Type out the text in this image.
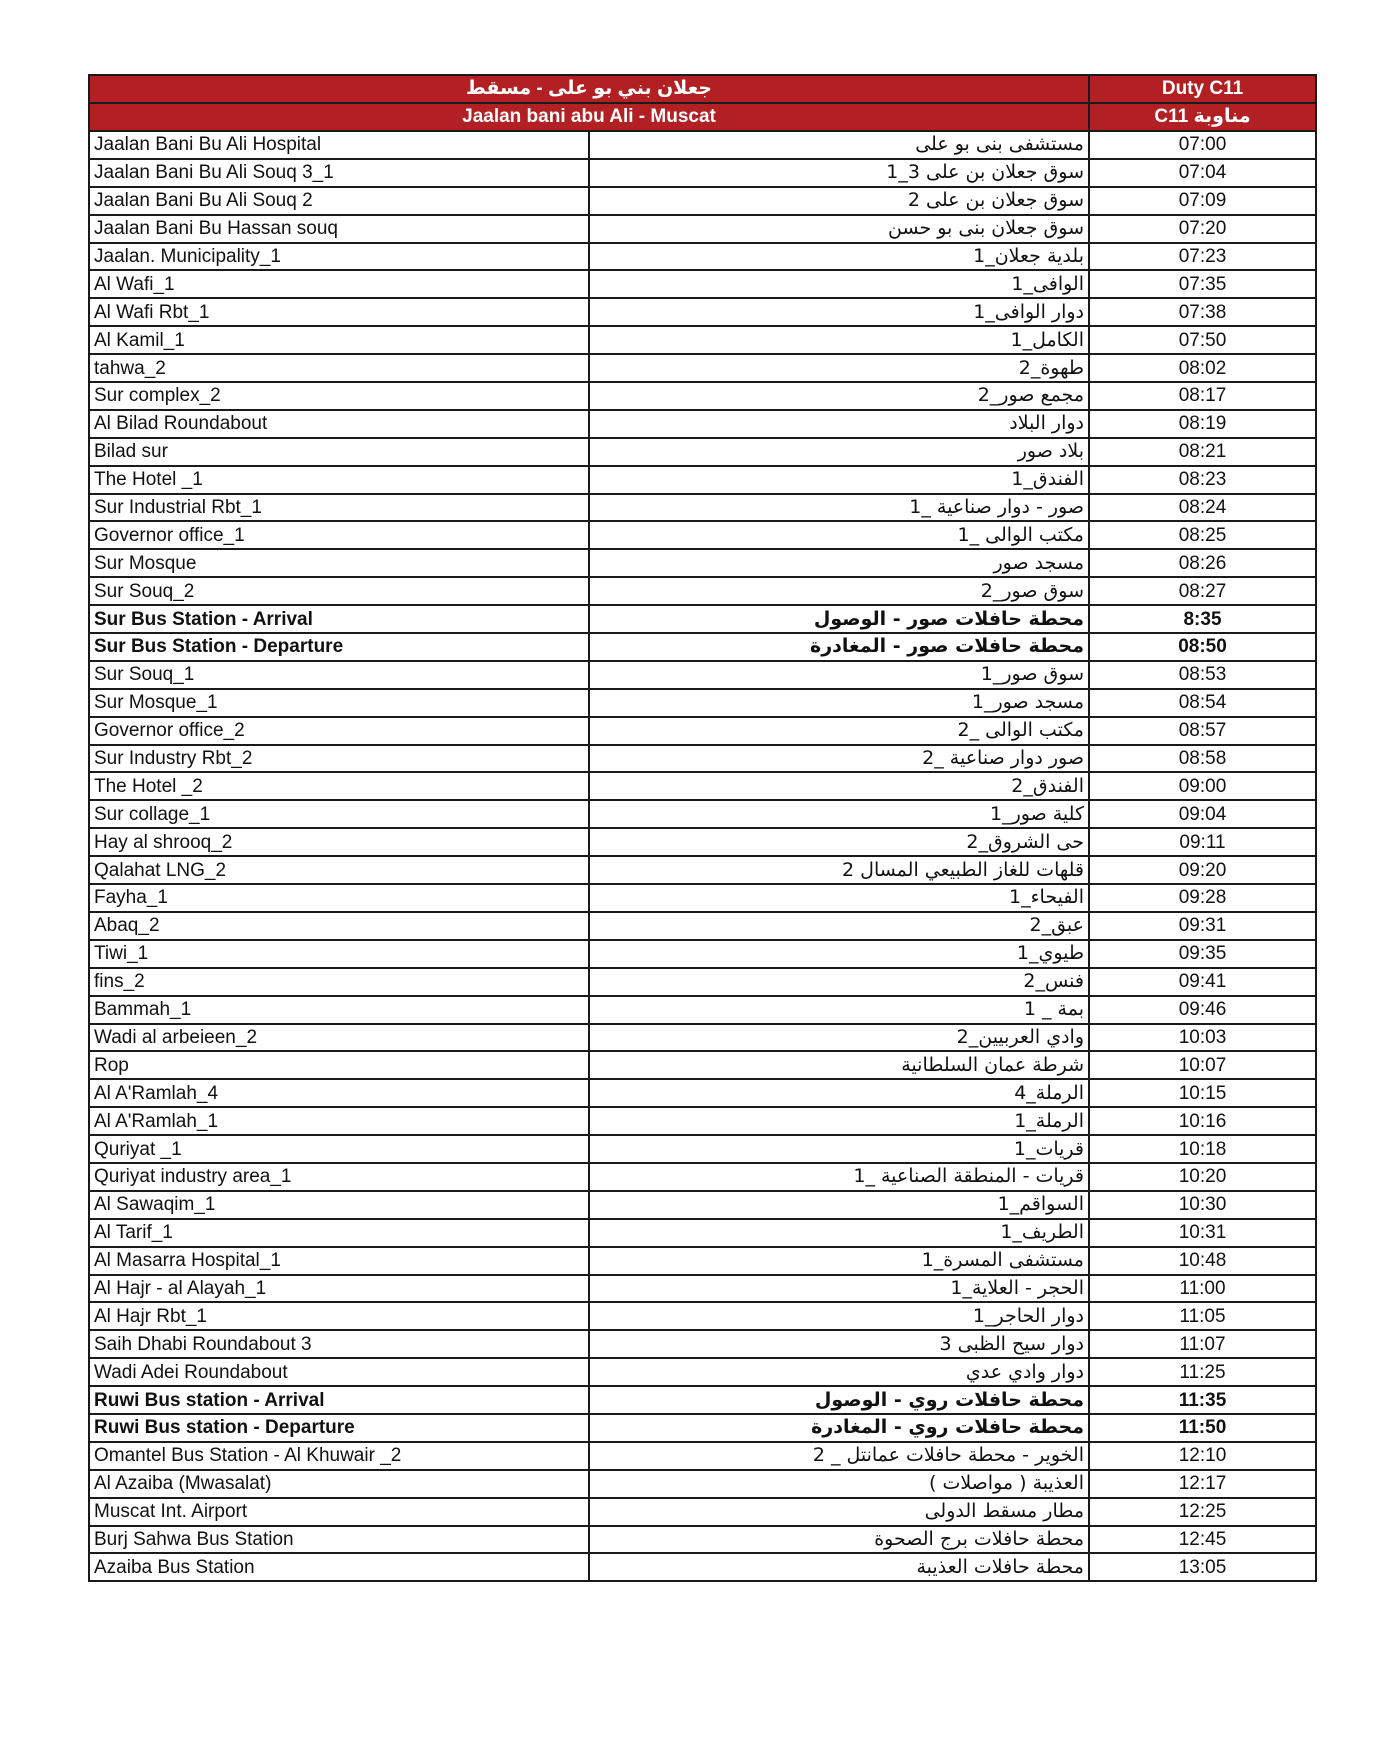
جعلان بني بو على - مسقط		Duty C11
Jaalan bani abu Ali - Muscat		مناوبة C11
Jaalan Bani Bu Ali Hospital	مستشفى بنى بو على	07:00
Jaalan Bani Bu Ali Souq 3_1	سوق جعلان بن على 3_1	07:04
Jaalan Bani Bu Ali Souq 2	سوق جعلان بن على 2	07:09
Jaalan Bani Bu Hassan souq	سوق جعلان بنى بو حسن	07:20
Jaalan. Municipality_1	بلدية جعلان_1	07:23
Al Wafi_1	الوافى_1	07:35
Al Wafi Rbt_1	دوار الوافى_1	07:38
Al Kamil_1	الكامل_1	07:50
tahwa_2	طهوة_2	08:02
Sur complex_2	مجمع صور_2	08:17
Al Bilad Roundabout	دوار البلاد	08:19
Bilad sur	بلاد صور	08:21
The Hotel _1	الفندق_1	08:23
Sur Industrial Rbt_1	صور - دوار صناعية _1	08:24
Governor office_1	مكتب الوالى _1	08:25
Sur Mosque	مسجد صور	08:26
Sur Souq_2	سوق صور_2	08:27
Sur Bus Station - Arrival	محطة حافلات صور - الوصول	8:35
Sur Bus Station - Departure	محطة حافلات صور - المغادرة	08:50
Sur Souq_1	سوق صور_1	08:53
Sur Mosque_1	مسجد صور_1	08:54
Governor office_2	مكتب الوالى _2	08:57
Sur Industry Rbt_2	صور دوار صناعية _2	08:58
The Hotel _2	الفندق_2	09:00
Sur collage_1	كلية صور_1	09:04
Hay al shrooq_2	حى الشروق_2	09:11
Qalahat LNG_2	قلهات للغاز الطبيعي المسال 2	09:20
Fayha_1	الفيحاء_1	09:28
Abaq_2	عبق_2	09:31
Tiwi_1	طيوي_1	09:35
fins_2	فنس_2	09:41
Bammah_1	بمة _ 1	09:46
Wadi al arbeieen_2	وادي العربيين_2	10:03
Rop	شرطة عمان السلطانية	10:07
Al A'Ramlah_4	الرملة_4	10:15
Al A'Ramlah_1	الرملة_1	10:16
Quriyat _1	قريات_1	10:18
Quriyat industry area_1	قريات - المنطقة الصناعية _1	10:20
Al Sawaqim_1	السواقم_1	10:30
Al Tarif_1	الطريف_1	10:31
Al Masarra Hospital_1	مستشفى المسرة_1	10:48
Al Hajr - al Alayah_1	الحجر - العلاية_1	11:00
Al Hajr Rbt_1	دوار الحاجر_1	11:05
Saih Dhabi Roundabout 3	دوار سيح الظبى 3	11:07
Wadi Adei Roundabout	دوار وادي عدي	11:25
Ruwi Bus station - Arrival	محطة حافلات روي - الوصول	11:35
Ruwi Bus station - Departure	محطة حافلات روي - المغادرة	11:50
Omantel Bus Station - Al Khuwair _2	الخوير - محطة حافلات عمانتل _ 2	12:10
Al Azaiba (Mwasalat)	العذيبة ( مواصلات )	12:17
Muscat Int. Airport	مطار مسقط الدولى	12:25
Burj Sahwa Bus Station	محطة حافلات برج الصحوة	12:45
Azaiba Bus Station	محطة حافلات العذيبة	13:05
